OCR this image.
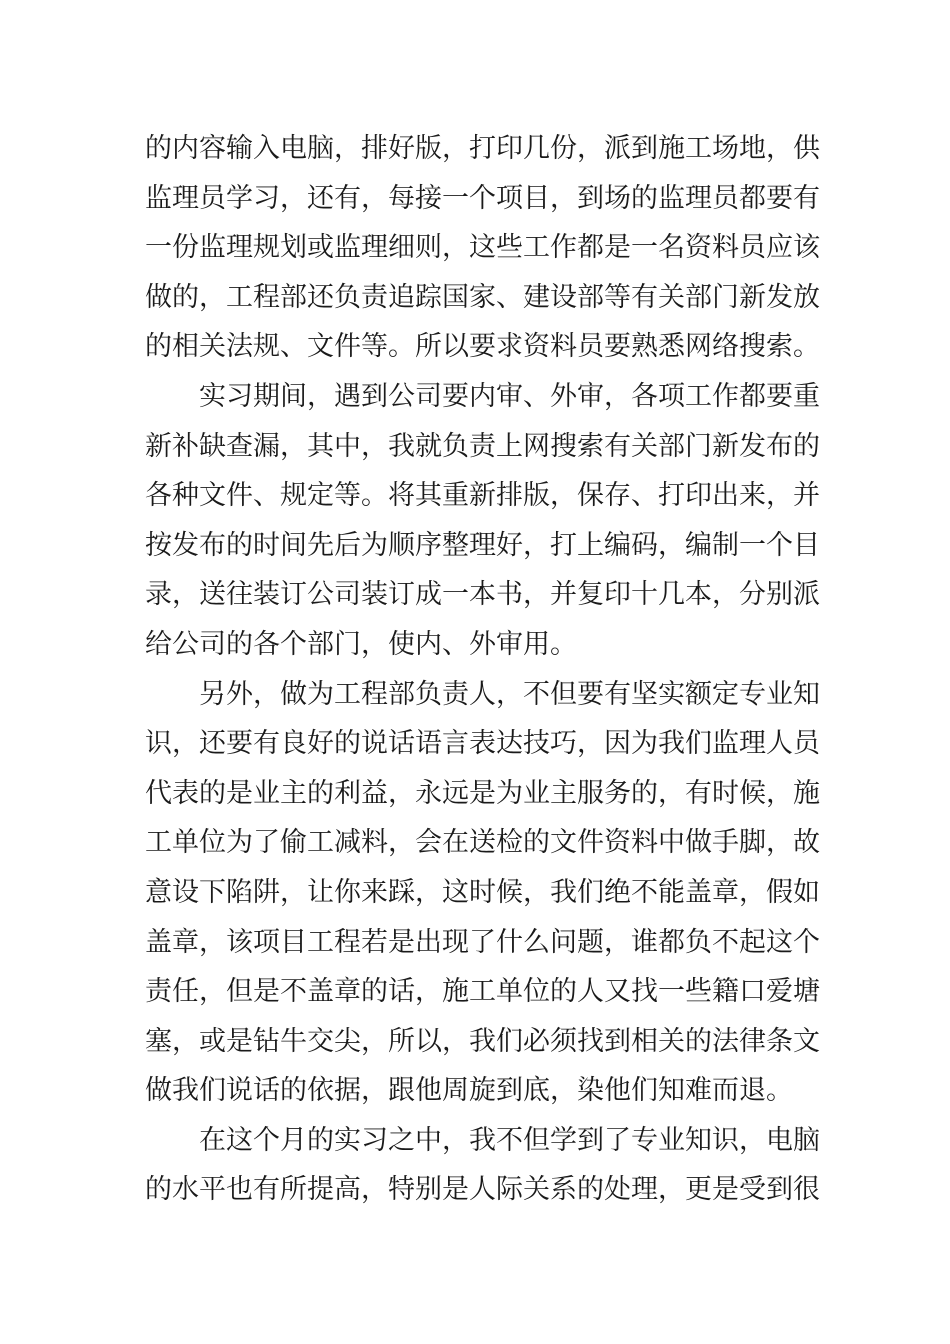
的内容输入电脑，排好版，打印几份，派到施工场地，供
监理员学习，还有，每接一个项目，到场的监理员都要有
一份监理规划或监理细则，这些工作都是一名资料员应该
做的，工程部还负责追踪国家、建设部等有关部门新发放
的相关法规、文件等。所以要求资料员要熟悉网络搜索。
实习期间，遇到公司要内审、外审，各项工作都要重
新补缺查漏，其中，我就负责上网搜索有关部门新发布的
各种文件、规定等。将其重新排版，保存、打印出来，并
按发布的时间先后为顺序整理好，打上编码，编制一个目
录，送往装订公司装订成一本书，并复印十几本，分别派
给公司的各个部门，使内、外审用。
另外，做为工程部负责人，不但要有坚实额定专业知
识，还要有良好的说话语言表达技巧，因为我们监理人员
代表的是业主的利益，永远是为业主服务的，有时候，施
工单位为了偷工减料，会在送检的文件资料中做手脚，故
意设下陷阱，让你来踩，这时候，我们绝不能盖章，假如
盖章，该项目工程若是出现了什么问题，谁都负不起这个
责任，但是不盖章的话，施工单位的人又找一些籍口爱塘
塞，或是钻牛交尖，所以，我们必须找到相关的法律条文
做我们说话的依据，跟他周旋到底，染他们知难而退。
在这个月的实习之中，我不但学到了专业知识，电脑
的水平也有所提高，特别是人际关系的处理，更是受到很
